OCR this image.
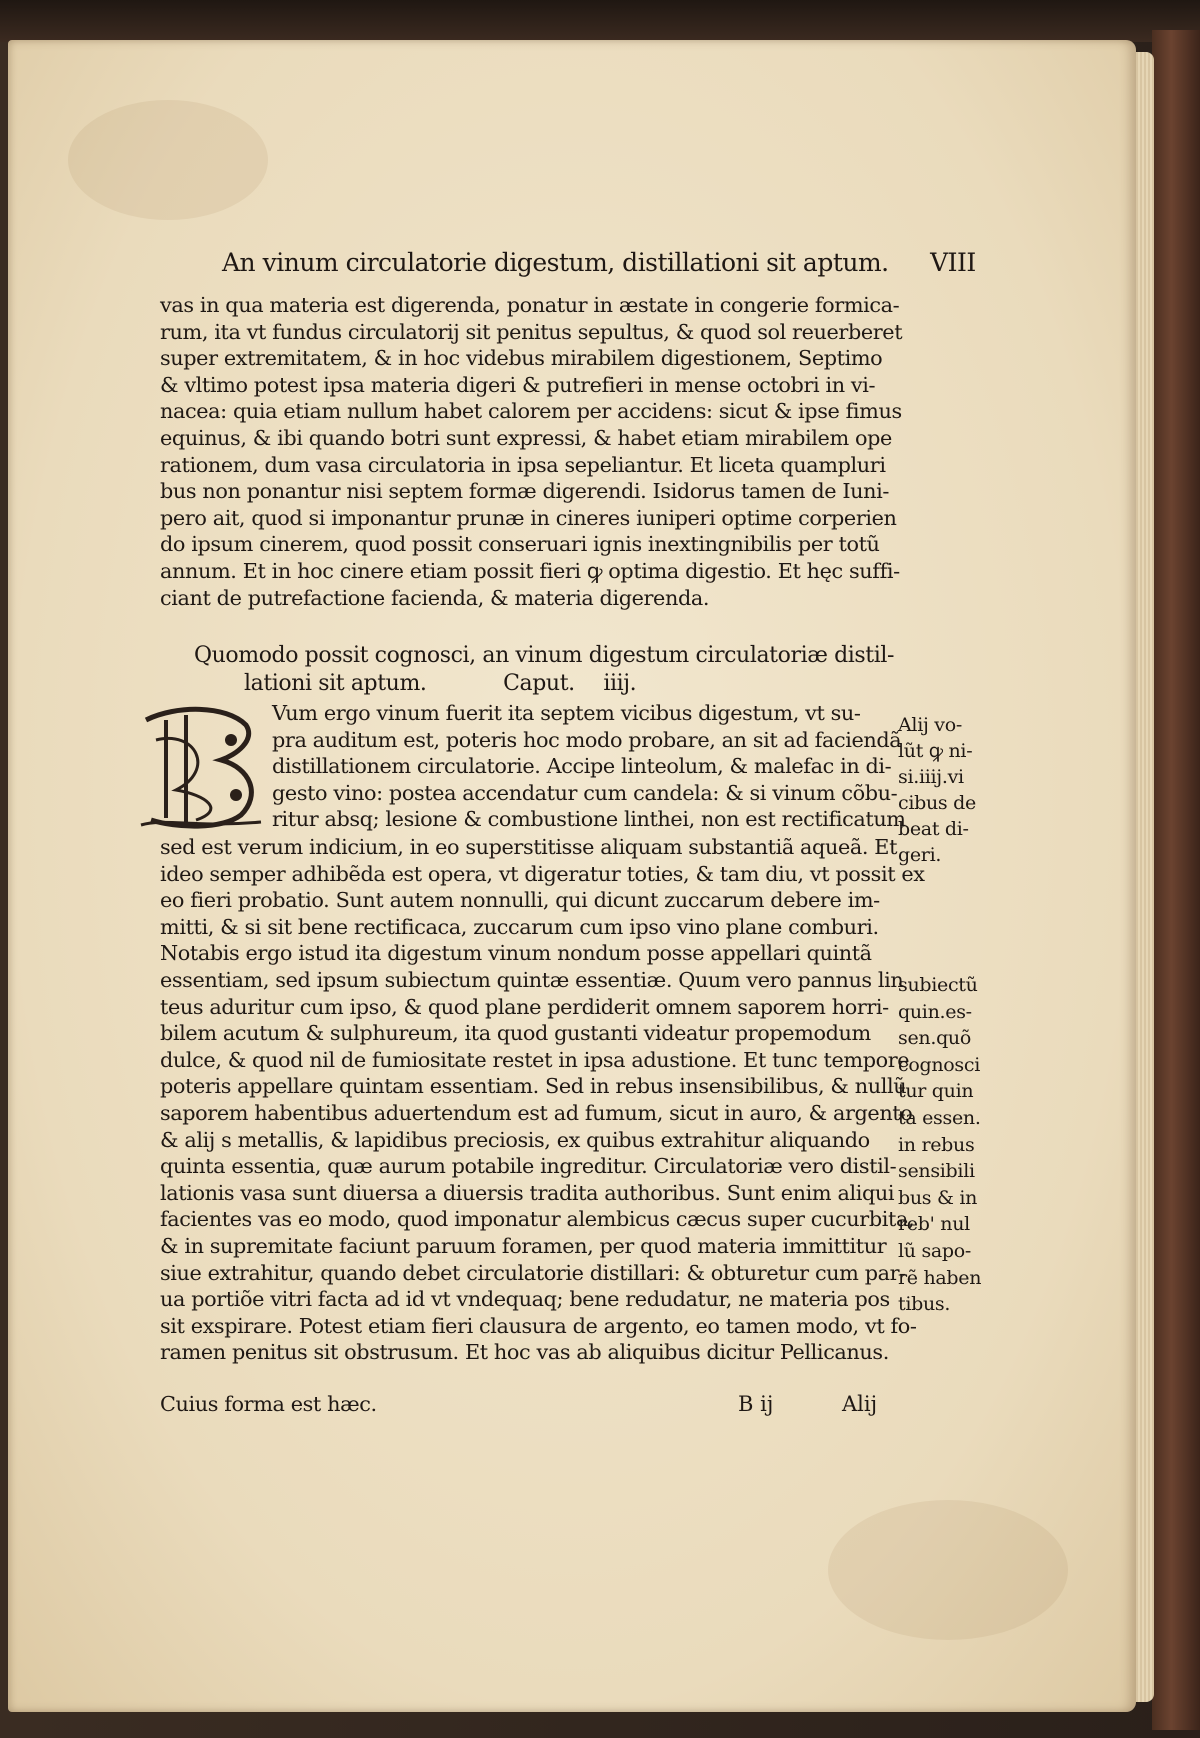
An vinum circulatorie digestum, distillationi sit aptum. VIII
vas in qua materia est digerenda, ponatur in æstate in congerie formica-
rum, ita vt fundus circulatorij sit penitus sepultus, & quod sol reuerberet
super extremitatem, & in hoc videbus mirabilem digestionem, Septimo
& vltimo potest ipsa materia digeri & putrefieri in mense octobri in vi-
nacea: quia etiam nullum habet calorem per accidens: sicut & ipse fimus
equinus, & ibi quando botri sunt expressi, & habet etiam mirabilem ope
rationem, dum vasa circulatoria in ipsa sepeliantur. Et liceta quampluri
bus non ponantur nisi septem formæ digerendi. Isidorus tamen de Iuni-
pero ait, quod si imponantur prunæ in cineres iuniperi optime corperien
do ipsum cinerem, quod possit conseruari ignis inextingnibilis per totũ
annum. Et in hoc cinere etiam possit fieri ꝙ optima digestio. Et hęc suffi-
ciant de putrefactione facienda, & materia digerenda.
Quomodo possit cognosci, an vinum digestum circulatoriæ distil-
lationi sit aptum.	Caput. iiij.
Vum ergo vinum fuerit ita septem vicibus digestum, vt su-
pra auditum est, poteris hoc modo probare, an sit ad faciendã
distillationem circulatorie. Accipe linteolum, & malefac in di-
gesto vino: postea accendatur cum candela: & si vinum cõbu-
ritur absq; lesione & combustione linthei, non est rectificatum
sed est verum indicium, in eo superstitisse aliquam substantiã aqueã. Et
ideo semper adhibẽda est opera, vt digeratur toties, & tam diu, vt possit ex
eo fieri probatio. Sunt autem nonnulli, qui dicunt zuccarum debere im-
mitti, & si sit bene rectificaca, zuccarum cum ipso vino plane comburi.
Notabis ergo istud ita digestum vinum nondum posse appellari quintã
essentiam, sed ipsum subiectum quintæ essentiæ. Quum vero pannus lin
teus aduritur cum ipso, & quod plane perdiderit omnem saporem horri-
bilem acutum & sulphureum, ita quod gustanti videatur propemodum
dulce, & quod nil de fumiositate restet in ipsa adustione. Et tunc tempore
poteris appellare quintam essentiam. Sed in rebus insensibilibus, & nullũ
saporem habentibus aduertendum est ad fumum, sicut in auro, & argento
& alij s metallis, & lapidibus preciosis, ex quibus extrahitur aliquando
quinta essentia, quæ aurum potabile ingreditur. Circulatoriæ vero distil-
lationis vasa sunt diuersa a diuersis tradita authoribus. Sunt enim aliqui
facientes vas eo modo, quod imponatur alembicus cæcus super cucurbita,
& in supremitate faciunt paruum foramen, per quod materia immittitur
siue extrahitur, quando debet circulatorie distillari: & obturetur cum par-
ua portiõe vitri facta ad id vt vndequaq; bene redudatur, ne materia pos
sit exspirare. Potest etiam fieri clausura de argento, eo tamen modo, vt fo-
ramen penitus sit obstrusum. Et hoc vas ab aliquibus dicitur Pellicanus.
Alij vo-
lũt ꝙ ni-
si.iiij.vi
cibus de
beat di-
geri.
subiectũ
quin.es-
sen.quõ
cognosci
tur quin
ta essen.
in rebus
sensibili
bus & in
reb' nul
lũ sapo-
rẽ haben
tibus.
Cuius forma est hæc.	B ij	Alij
